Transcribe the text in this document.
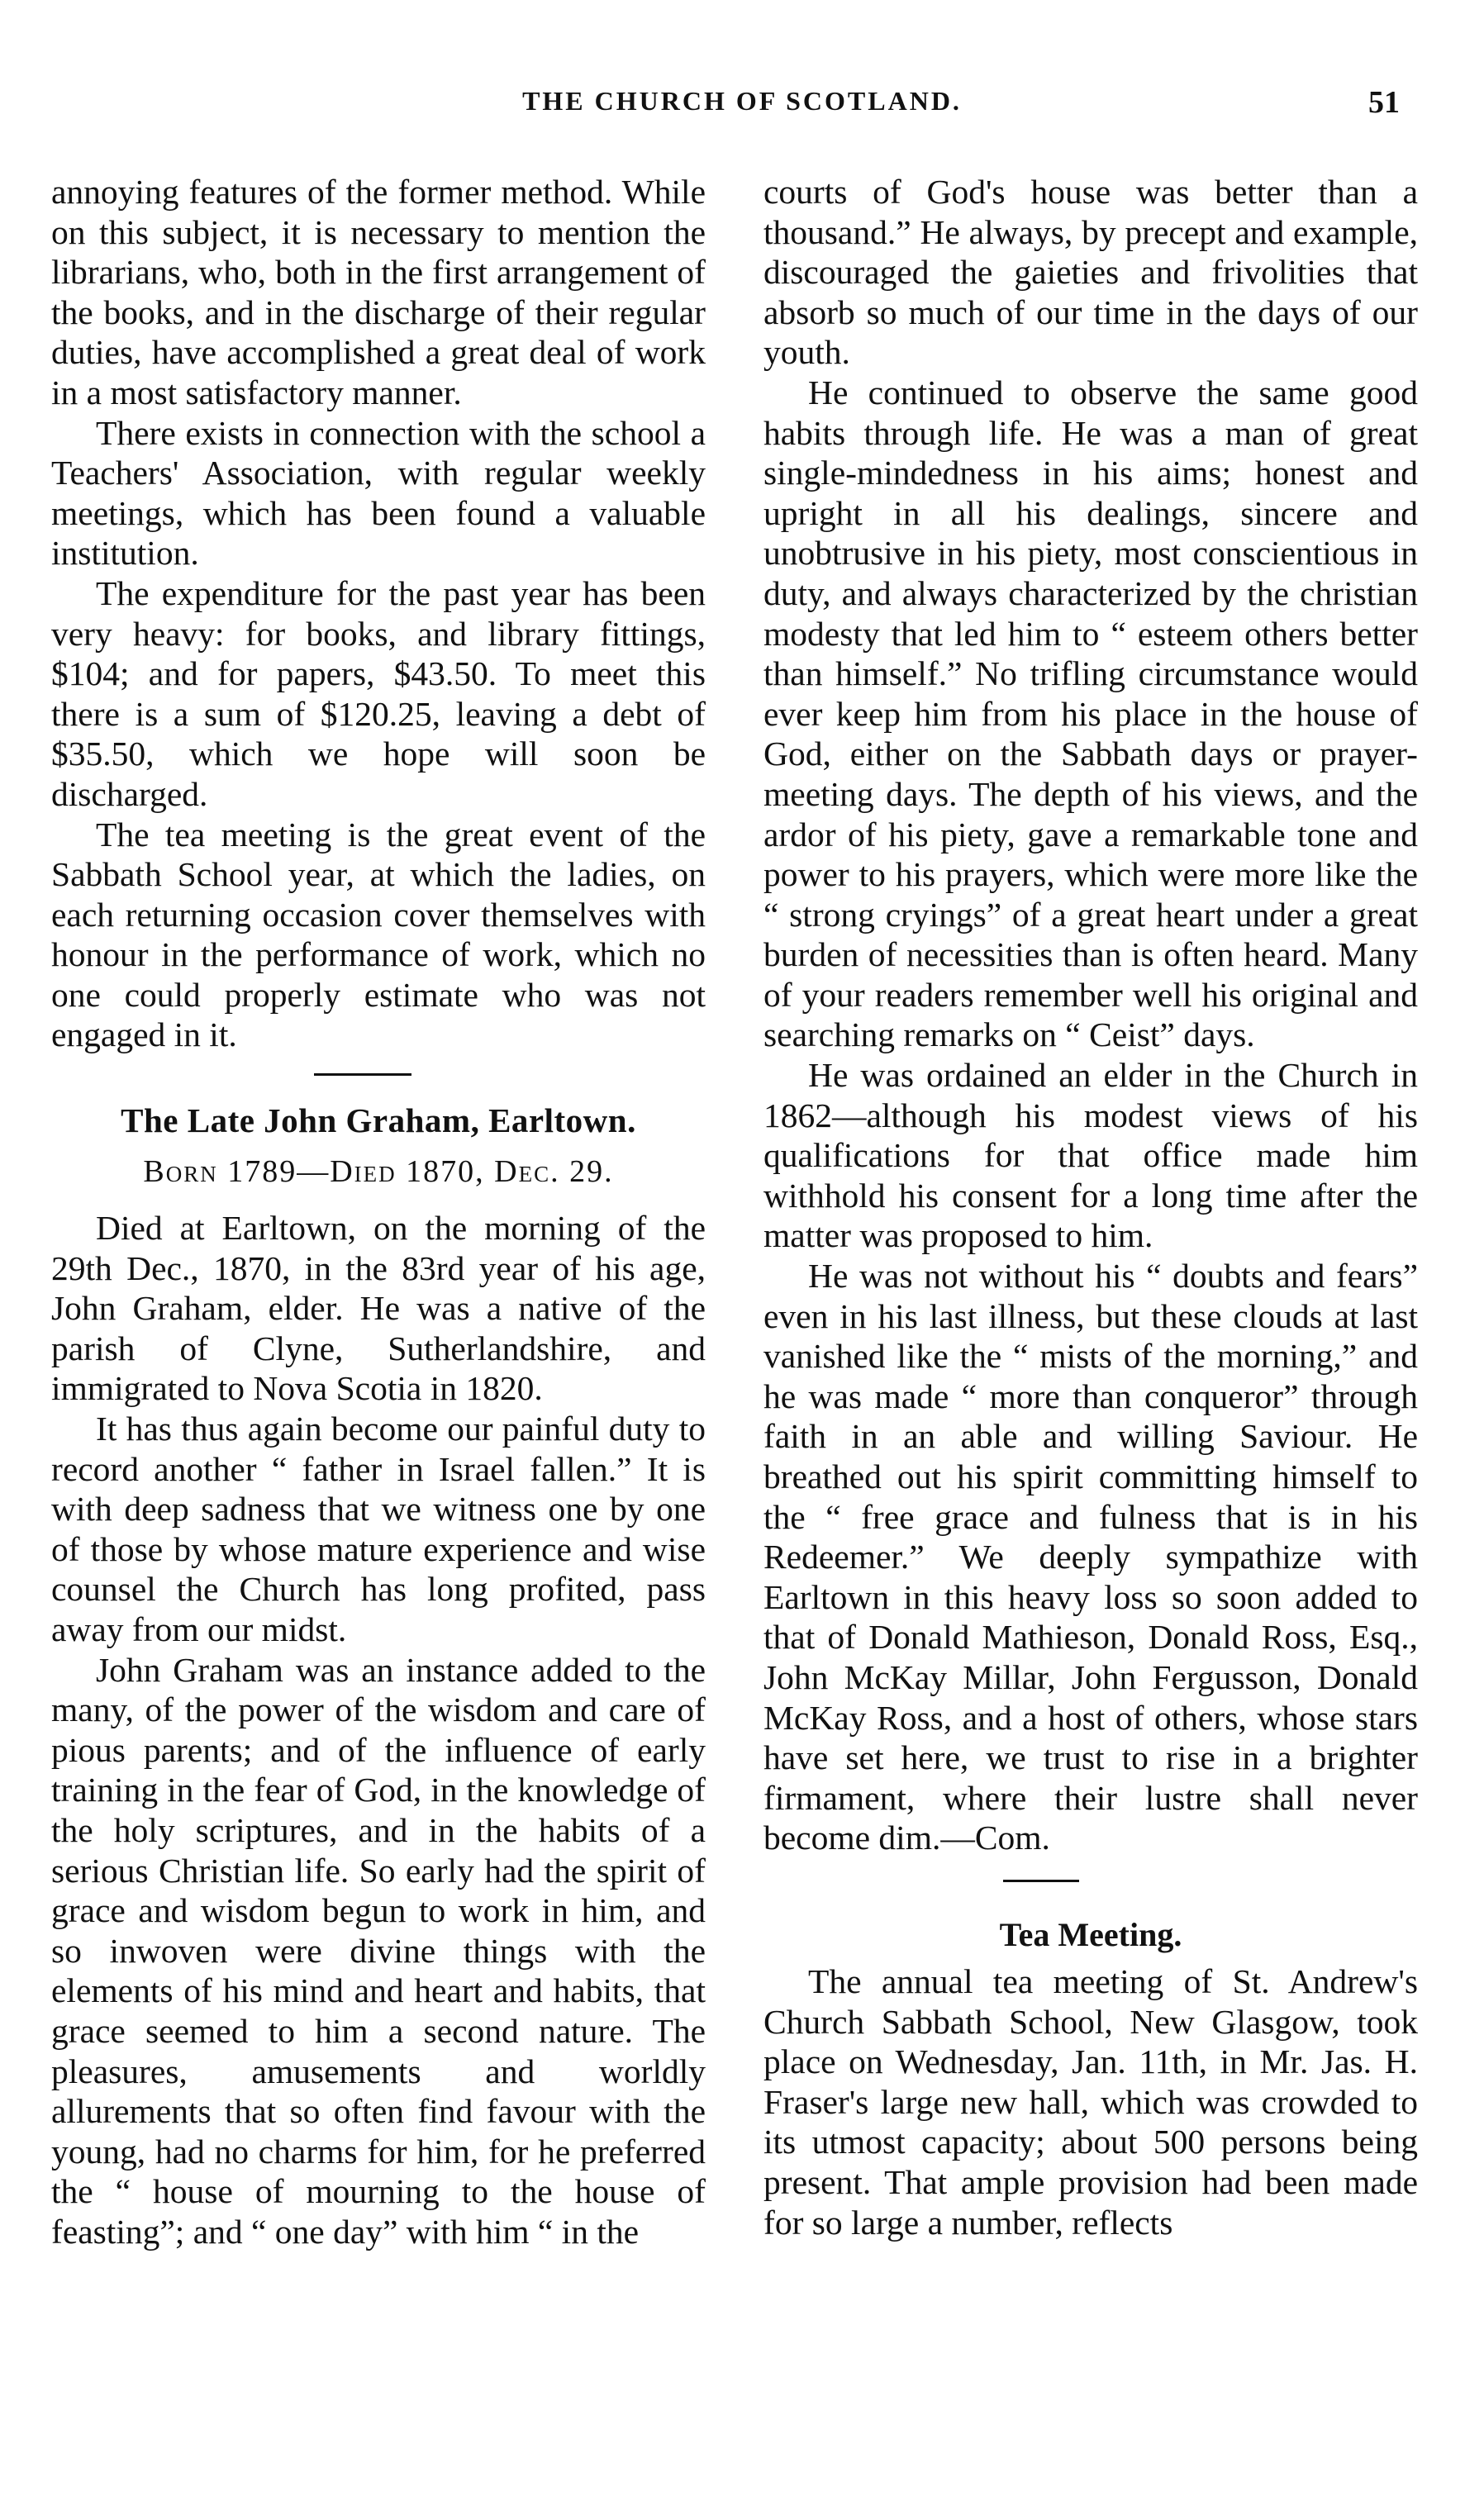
THE CHURCH OF SCOTLAND.	51

annoying features of the former method. While on this subject, it is necessary to mention the librarians, who, both in the first arrangement of the books, and in the discharge of their regular duties, have accomplished a great deal of work in a most satisfactory manner.

There exists in connection with the school a Teachers' Association, with regular weekly meetings, which has been found a valuable institution.

The expenditure for the past year has been very heavy: for books, and library fittings, $104; and for papers, $43.50. To meet this there is a sum of $120.25, leaving a debt of $35.50, which we hope will soon be discharged.

The tea meeting is the great event of the Sabbath School year, at which the ladies, on each returning occasion cover themselves with honour in the performance of work, which no one could properly estimate who was not engaged in it.

The Late John Graham, Earltown.
Born 1789—Died 1870, Dec. 29.

Died at Earltown, on the morning of the 29th Dec., 1870, in the 83rd year of his age, John Graham, elder. He was a native of the parish of Clyne, Sutherlandshire, and immigrated to Nova Scotia in 1820.

It has thus again become our painful duty to record another “ father in Israel fallen.” It is with deep sadness that we witness one by one of those by whose mature experience and wise counsel the Church has long profited, pass away from our midst.

John Graham was an instance added to the many, of the power of the wisdom and care of pious parents; and of the influence of early training in the fear of God, in the knowledge of the holy scriptures, and in the habits of a serious Christian life. So early had the spirit of grace and wisdom begun to work in him, and so inwoven were divine things with the elements of his mind and heart and habits, that grace seemed to him a second nature. The pleasures, amusements and worldly allurements that so often find favour with the young, had no charms for him, for he preferred the “ house of mourning to the house of feasting”; and “ one day” with him “ in the

courts of God's house was better than a thousand.” He always, by precept and example, discouraged the gaieties and frivolities that absorb so much of our time in the days of our youth.

He continued to observe the same good habits through life. He was a man of great single-mindedness in his aims; honest and upright in all his dealings, sincere and unobtrusive in his piety, most conscientious in duty, and always characterized by the christian modesty that led him to “ esteem others better than himself.” No trifling circumstance would ever keep him from his place in the house of God, either on the Sabbath days or prayer-meeting days. The depth of his views, and the ardor of his piety, gave a remarkable tone and power to his prayers, which were more like the “ strong cryings” of a great heart under a great burden of necessities than is often heard. Many of your readers remember well his original and searching remarks on “ Ceist” days.

He was ordained an elder in the Church in 1862—although his modest views of his qualifications for that office made him withhold his consent for a long time after the matter was proposed to him.

He was not without his “ doubts and fears” even in his last illness, but these clouds at last vanished like the “ mists of the morning,” and he was made “ more than conqueror” through faith in an able and willing Saviour. He breathed out his spirit committing himself to the “ free grace and fulness that is in his Redeemer.” We deeply sympathize with Earltown in this heavy loss so soon added to that of Donald Mathieson, Donald Ross, Esq., John McKay Millar, John Fergusson, Donald McKay Ross, and a host of others, whose stars have set here, we trust to rise in a brighter firmament, where their lustre shall never become dim.—Com.

Tea Meeting.

The annual tea meeting of St. Andrew's Church Sabbath School, New Glasgow, took place on Wednesday, Jan. 11th, in Mr. Jas. H. Fraser's large new hall, which was crowded to its utmost capacity; about 500 persons being present. That ample provision had been made for so large a number, reflects
